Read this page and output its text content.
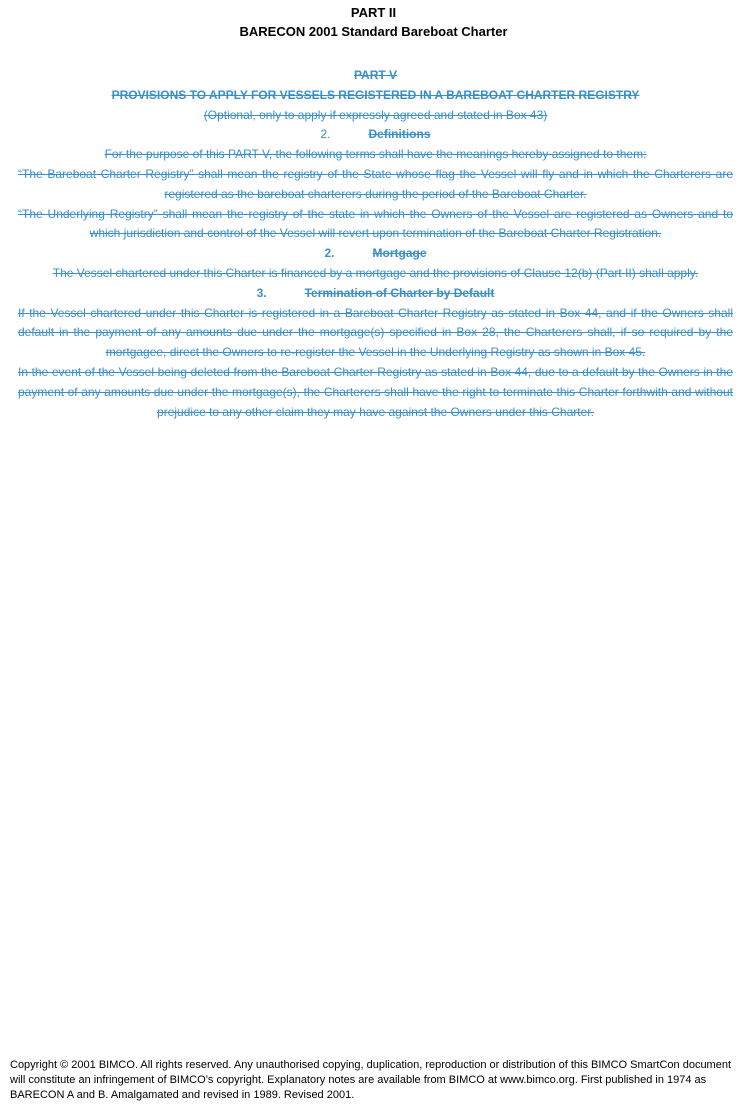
PART II
BARECON 2001 Standard Bareboat Charter
PART V
PROVISIONS TO APPLY FOR VESSELS REGISTERED IN A BAREBOAT CHARTER REGISTRY
(Optional, only to apply if expressly agreed and stated in Box 43)
2.	Definitions
For the purpose of this PART V, the following terms shall have the meanings hereby assigned to them:
“The Bareboat Charter Registry” shall mean the registry of the State whose flag the Vessel will fly and in which the Charterers are registered as the bareboat charterers during the period of the Bareboat Charter.
“The Underlying Registry” shall mean the registry of the state in which the Owners of the Vessel are registered as Owners and to which jurisdiction and control of the Vessel will revert upon termination of the Bareboat Charter Registration.
2.	Mortgage
The Vessel chartered under this Charter is financed by a mortgage and the provisions of Clause 12(b) (Part II) shall apply.
3.	Termination of Charter by Default
If the Vessel chartered under this Charter is registered in a Bareboat Charter Registry as stated in Box 44, and if the Owners shall default in the payment of any amounts due under the mortgage(s) specified in Box 28, the Charterers shall, if so required by the mortgagee, direct the Owners to re-register the Vessel in the Underlying Registry as shown in Box 45.
In the event of the Vessel being deleted from the Bareboat Charter Registry as stated in Box 44, due to a default by the Owners in the payment of any amounts due under the mortgage(s), the Charterers shall have the right to terminate this Charter forthwith and without prejudice to any other claim they may have against the Owners under this Charter.
Copyright © 2001 BIMCO. All rights reserved. Any unauthorised copying, duplication, reproduction or distribution of this BIMCO SmartCon document will constitute an infringement of BIMCO’s copyright. Explanatory notes are available from BIMCO at www.bimco.org. First published in 1974 as BARECON A and B. Amalgamated and revised in 1989. Revised 2001.
